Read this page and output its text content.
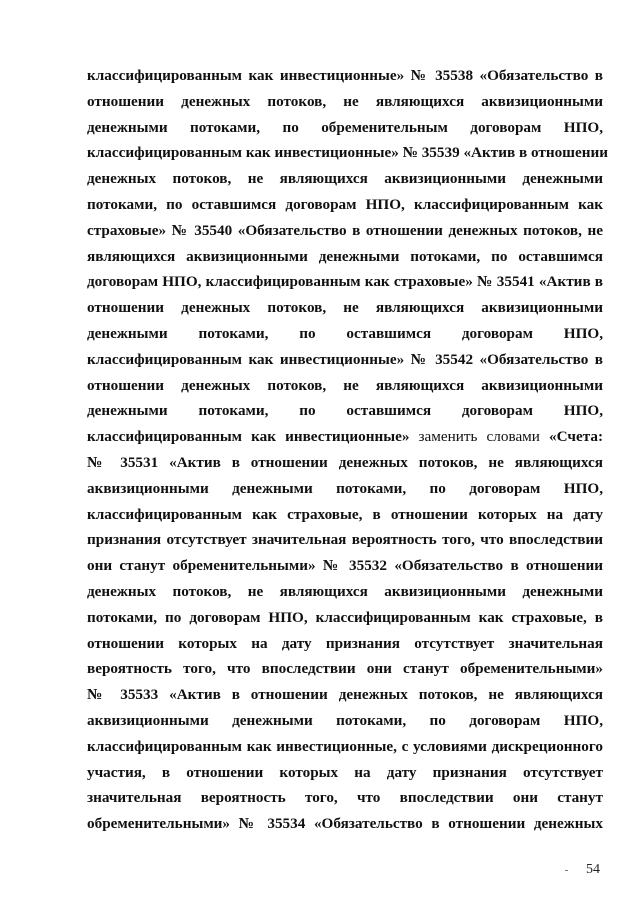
классифицированным как инвестиционные» № 35538 «Обязательство в
отношении денежных потоков, не являющихся аквизиционными
денежными потоками, по обременительным договорам НПО,
классифицированным как инвестиционные» № 35539 «Актив в отношении
денежных потоков, не являющихся аквизиционными денежными
потоками, по оставшимся договорам НПО, классифицированным как
страховые» № 35540 «Обязательство в отношении денежных потоков, не
являющихся аквизиционными денежными потоками, по оставшимся
договорам НПО, классифицированным как страховые» № 35541 «Актив в
отношении денежных потоков, не являющихся аквизиционными
денежными потоками, по оставшимся договорам НПО,
классифицированным как инвестиционные» № 35542 «Обязательство в
отношении денежных потоков, не являющихся аквизиционными
денежными потоками, по оставшимся договорам НПО,
классифицированным как инвестиционные» заменить словами «Счета:
№ 35531 «Актив в отношении денежных потоков, не являющихся
аквизиционными денежными потоками, по договорам НПО,
классифицированным как страховые, в отношении которых на дату
признания отсутствует значительная вероятность того, что впоследствии
они станут обременительными» № 35532 «Обязательство в отношении
денежных потоков, не являющихся аквизиционными денежными
потоками, по договорам НПО, классифицированным как страховые, в
отношении которых на дату признания отсутствует значительная
вероятность того, что впоследствии они станут обременительными»
№ 35533 «Актив в отношении денежных потоков, не являющихся
аквизиционными денежными потоками, по договорам НПО,
классифицированным как инвестиционные, с условиями дискреционного
участия, в отношении которых на дату признания отсутствует
значительная вероятность того, что впоследствии они станут
обременительными» № 35534 «Обязательство в отношении денежных
54
